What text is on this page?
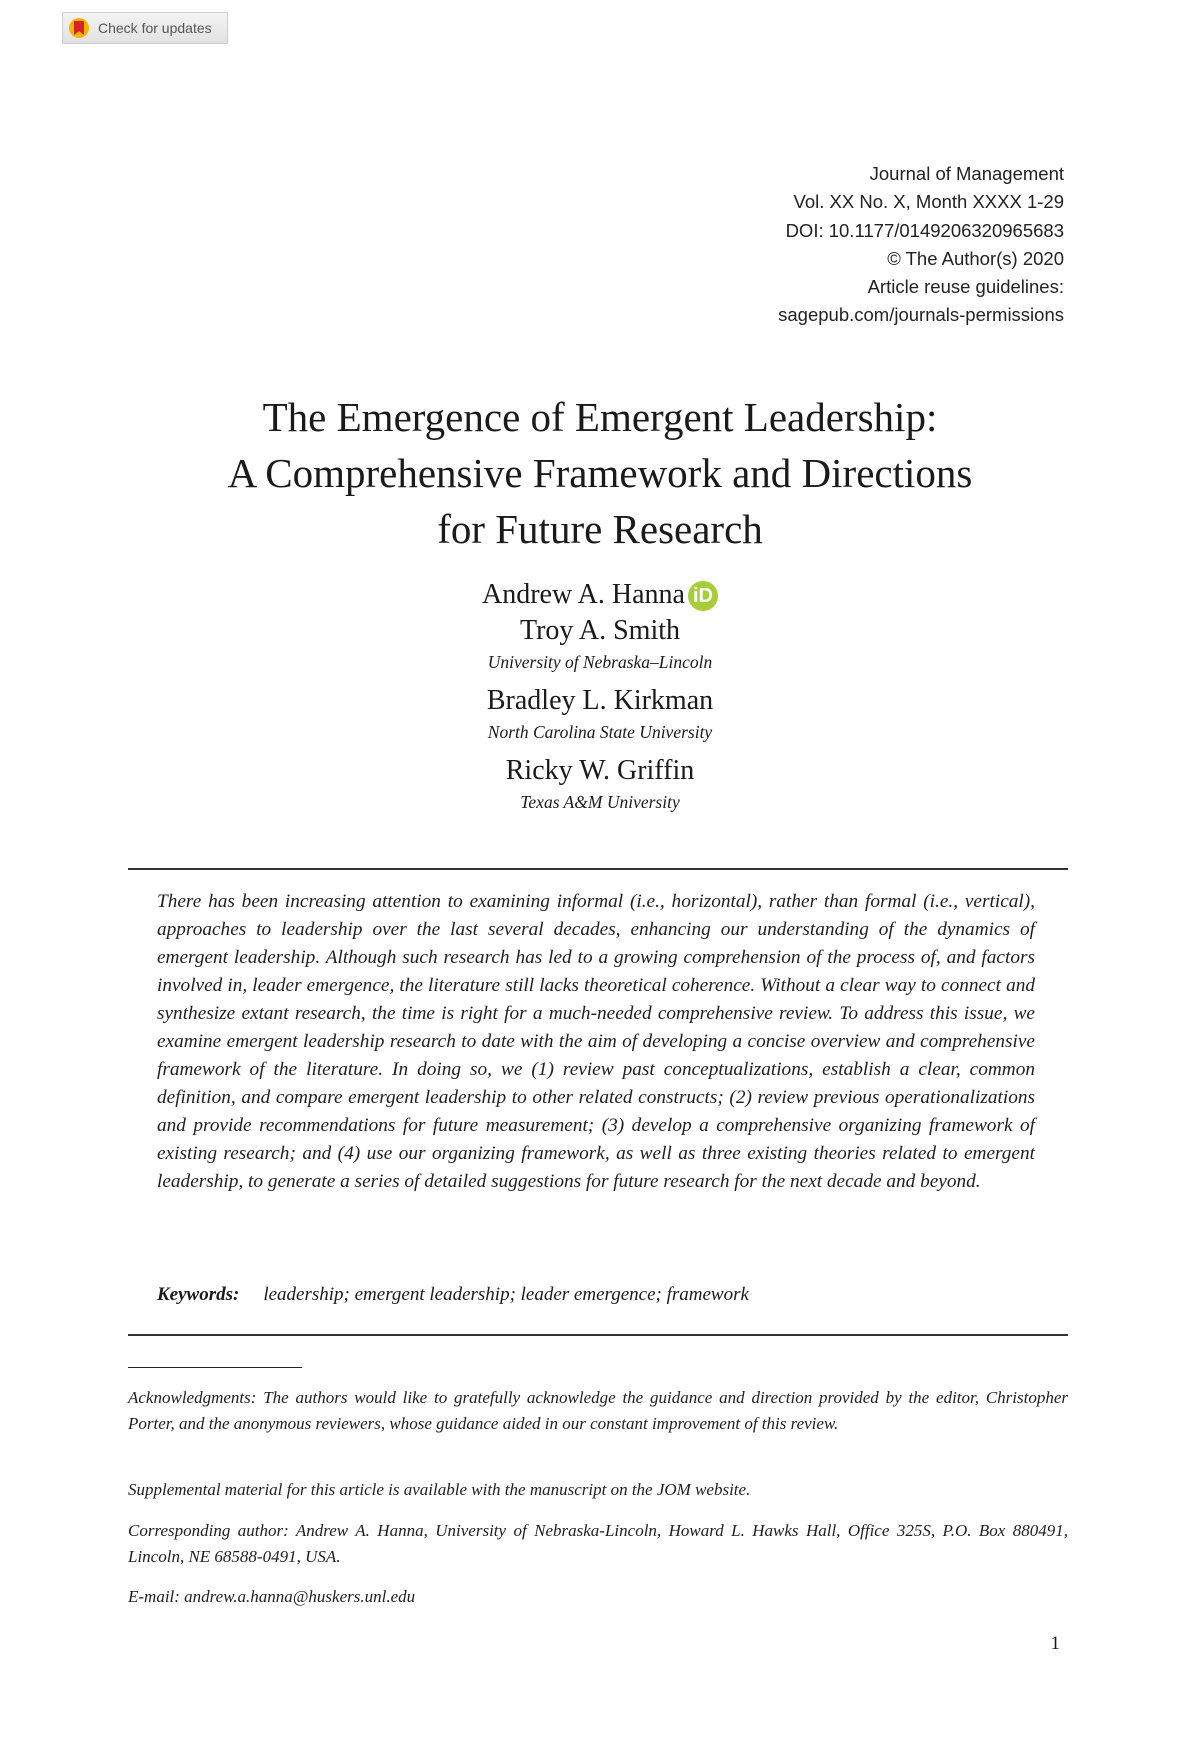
Check for updates
Journal of Management
Vol. XX No. X, Month XXXX 1-29
DOI: 10.1177/0149206320965683
© The Author(s) 2020
Article reuse guidelines:
sagepub.com/journals-permissions
The Emergence of Emergent Leadership:
A Comprehensive Framework and Directions
for Future Research
Andrew A. Hanna iD
Troy A. Smith
University of Nebraska–Lincoln
Bradley L. Kirkman
North Carolina State University
Ricky W. Griffin
Texas A&M University
There has been increasing attention to examining informal (i.e., horizontal), rather than formal (i.e., vertical), approaches to leadership over the last several decades, enhancing our understanding of the dynamics of emergent leadership. Although such research has led to a growing comprehension of the process of, and factors involved in, leader emergence, the literature still lacks theoretical coherence. Without a clear way to connect and synthesize extant research, the time is right for a much-needed comprehensive review. To address this issue, we examine emergent leadership research to date with the aim of developing a concise overview and comprehensive framework of the literature. In doing so, we (1) review past conceptualizations, establish a clear, common definition, and compare emergent leadership to other related constructs; (2) review previous operationalizations and provide recommendations for future measurement; (3) develop a comprehensive organizing framework of existing research; and (4) use our organizing framework, as well as three existing theories related to emergent leadership, to generate a series of detailed suggestions for future research for the next decade and beyond.
Keywords: leadership; emergent leadership; leader emergence; framework
Acknowledgments: The authors would like to gratefully acknowledge the guidance and direction provided by the editor, Christopher Porter, and the anonymous reviewers, whose guidance aided in our constant improvement of this review.
Supplemental material for this article is available with the manuscript on the JOM website.
Corresponding author: Andrew A. Hanna, University of Nebraska-Lincoln, Howard L. Hawks Hall, Office 325S, P.O. Box 880491, Lincoln, NE 68588-0491, USA.
E-mail: andrew.a.hanna@huskers.unl.edu
1
